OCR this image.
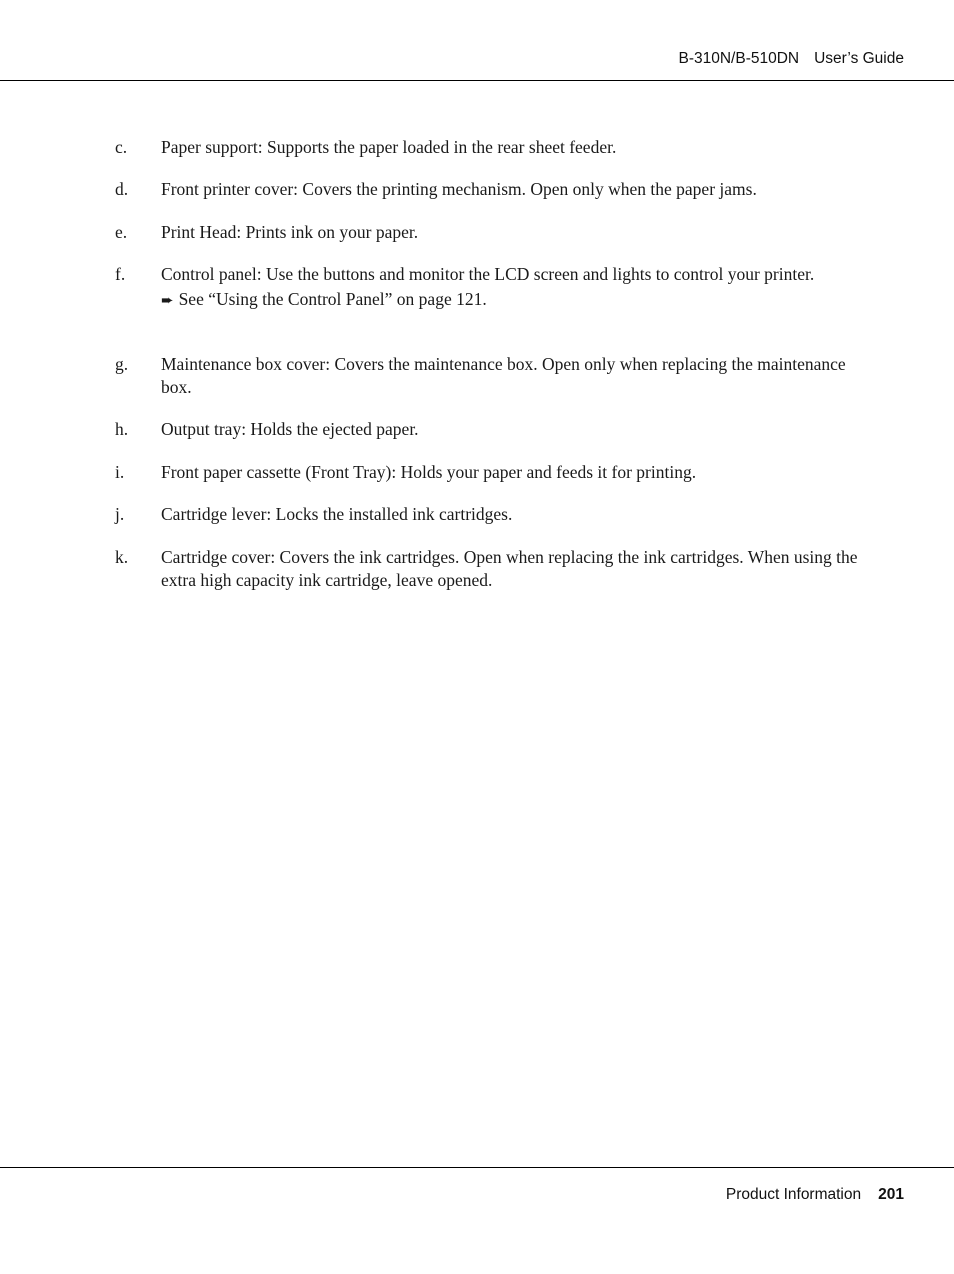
B-310N/B-510DN User’s Guide
c. Paper support: Supports the paper loaded in the rear sheet feeder.
d. Front printer cover: Covers the printing mechanism. Open only when the paper jams.
e. Print Head: Prints ink on your paper.
f. Control panel: Use the buttons and monitor the LCD screen and lights to control your printer.
➨ See “Using the Control Panel” on page 121.
g. Maintenance box cover: Covers the maintenance box. Open only when replacing the maintenance box.
h. Output tray: Holds the ejected paper.
i. Front paper cassette (Front Tray): Holds your paper and feeds it for printing.
j. Cartridge lever: Locks the installed ink cartridges.
k. Cartridge cover: Covers the ink cartridges. Open when replacing the ink cartridges. When using the extra high capacity ink cartridge, leave opened.
Product Information 201
